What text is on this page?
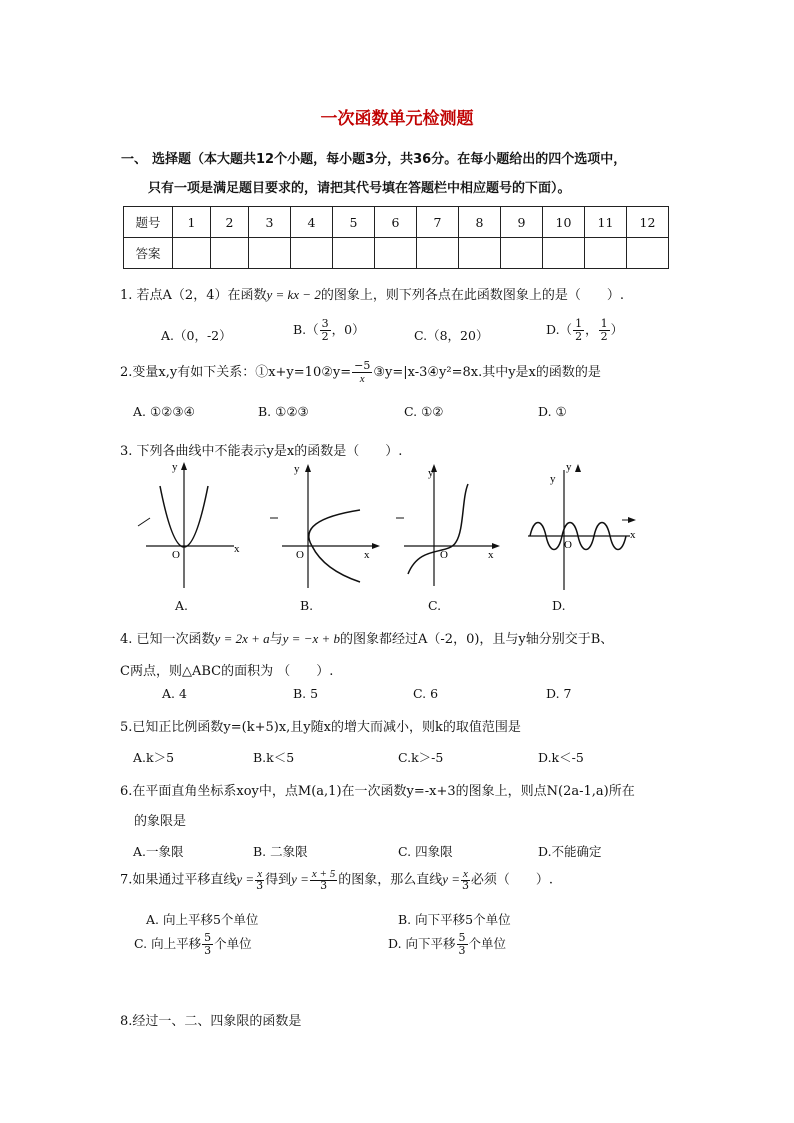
一次函数单元检测题
一、 选择题（本大题共12个小题，每小题3分，共36分。在每小题给出的四个选项中，
只有一项是满足题目要求的，请把其代号填在答题栏中相应题号的下面）。
题号	1	2	3	4	5	6	7	8	9	10	11	12
答案												
1. 若点A（2，4）在函数y = kx − 2的图象上，则下列各点在此函数图象上的是（　　）.
A.（0，-2）	$B.( \frac{3}{2}$ ，0）	C.（8，20）	$D.( \frac{1}{2}$ ， $\frac{1}{2}$ ）
2.变量x,y有如下关系：①x+y=10②y= $\frac{-5}{x}③y=|x-3④y^2=8x$.其中y是x的函数的是
A. ①②③④	B. ①②③	C. ①②	D. ①
3. 下列各曲线中不能表示y是x的函数是（　　）.
y
O	x
A.
y
O	x
B.
y
O	x
C.
y
y
O
x
D.
4. 已知一次函数y = 2x + a与y = −x + b的图象都经过A（-2，0)，且与y轴分别交于B、
C两点，则△ABC的面积为 （　　）.
A. 4	B. 5	C. 6	D. 7
5.已知正比例函数y=(k+5)x,且y随x的增大而减小，则k的取值范围是
A.k＞5	B.k＜5	C.k＞-5	D.k＜-5
6.在平面直角坐标系xoy中，点M(a,1)在一次函数y=-x+3的图象上，则点N(2a-1,a)所在
的象限是
A.一象限	B. 二象限	C. 四象限	D.不能确定
7.如果通过平移直线$y =\frac{x}{3}$ 得到$y =\frac{x + 5}{3}$ 的图象，那么直线$y =\frac{x}{3}$ 必须（　　）.
A. 向上平移5个单位	B. 向下平移5个单位
C. 向上平移 $\frac{5}{3}$ 个单位	D. 向下平移 $\frac{5}{3}$ 个单位
8.经过一、二、四象限的函数是
